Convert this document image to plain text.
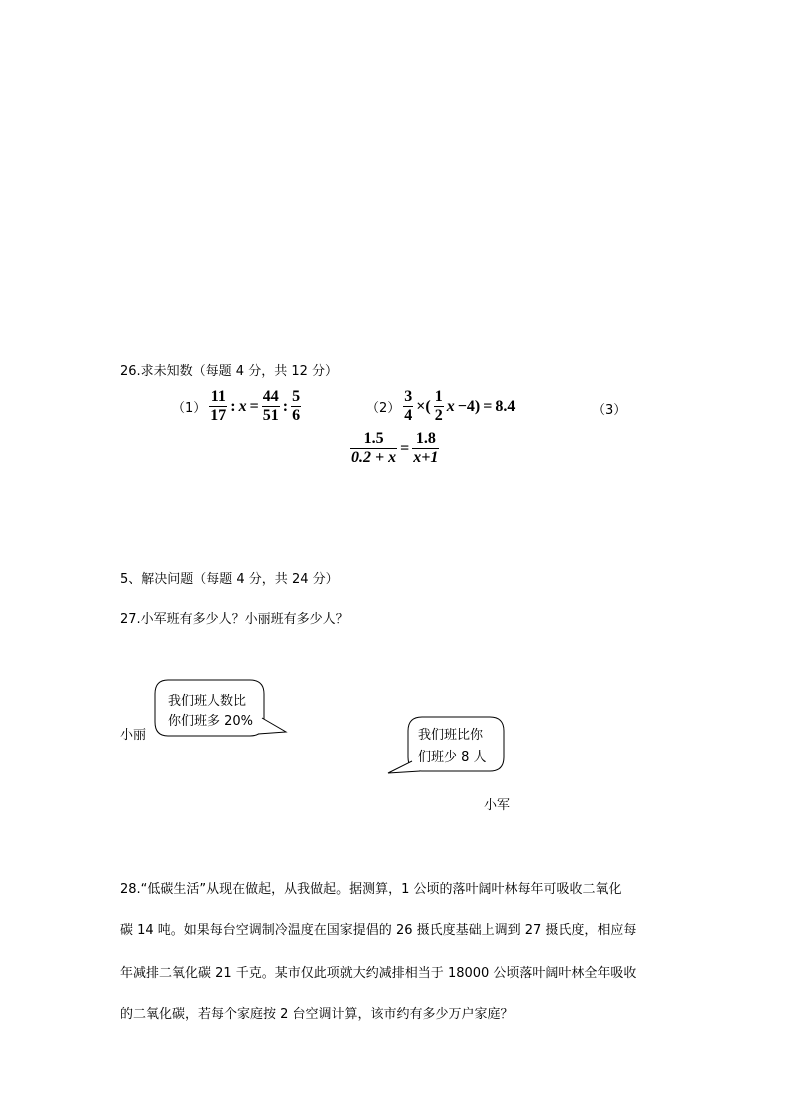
26.求未知数（每题 4 分，共 12 分）
$(1) \frac{11}{17}$ : $x = \frac{44}{51}$ : $\frac{5}{6}$	$(2) \frac{3}{4}$ ×( $\frac{1}{2}$ x −4) = 8.4	（3）
$\frac{1.5}{0.2 + x} = \frac{1.8}{x+1}$
5、解决问题（每题 4 分，共 24 分）
27.小军班有多少人？小丽班有多少人？
我们班人数比
你们班多 20%
小丽	我们班比你
们班少 8 人
小军
28.“低碳生活”从现在做起，从我做起。据测算，1 公顷的落叶阔叶林每年可吸收二氧化
碳 14 吨。如果每台空调制冷温度在国家提倡的 26 摄氏度基础上调到 27 摄氏度，相应每
年减排二氧化碳 21 千克。某市仅此项就大约减排相当于 18000 公顷落叶阔叶林全年吸收
的二氧化碳，若每个家庭按 2 台空调计算，该市约有多少万户家庭？
